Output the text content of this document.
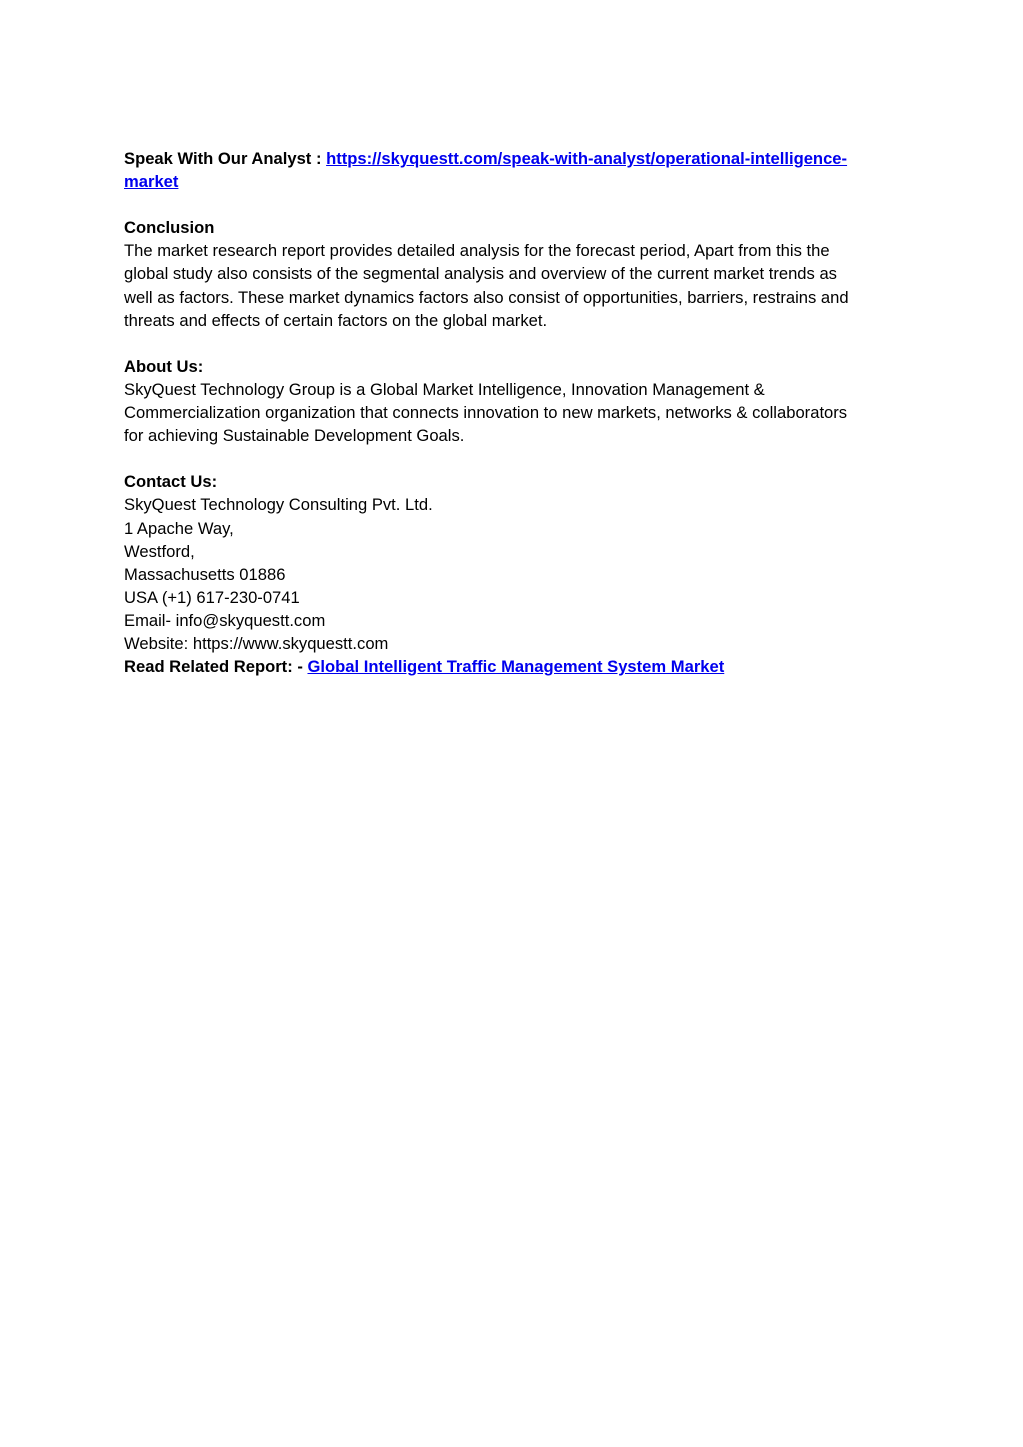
Speak With Our Analyst : https://skyquestt.com/speak-with-analyst/operational-intelligence-
market
Conclusion
The market research report provides detailed analysis for the forecast period, Apart from this the
global study also consists of the segmental analysis and overview of the current market trends as
well as factors. These market dynamics factors also consist of opportunities, barriers, restrains and
threats and effects of certain factors on the global market.
About Us:
SkyQuest Technology Group is a Global Market Intelligence, Innovation Management &
Commercialization organization that connects innovation to new markets, networks & collaborators
for achieving Sustainable Development Goals.
Contact Us:
SkyQuest Technology Consulting Pvt. Ltd.
1 Apache Way,
Westford,
Massachusetts 01886
USA (+1) 617-230-0741
Email- info@skyquestt.com
Website: https://www.skyquestt.com
Read Related Report: - Global Intelligent Traffic Management System Market
